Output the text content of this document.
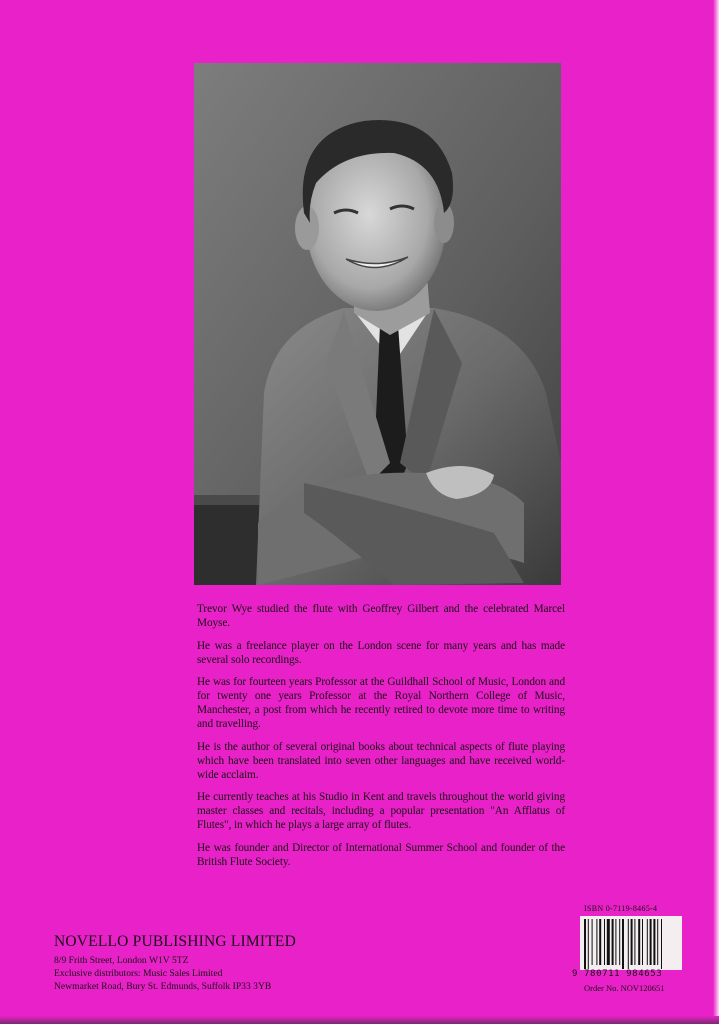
Trevor Wye studied the flute with Geoffrey Gilbert and the celebrated Marcel Moyse.

He was a freelance player on the London scene for many years and has made several solo recordings.

He was for fourteen years Professor at the Guildhall School of Music, London and for twenty one years Professor at the Royal Northern College of Music, Manchester, a post from which he recently retired to devote more time to writing and travelling.

He is the author of several original books about technical aspects of flute playing which have been translated into seven other languages and have received world-wide acclaim.

He currently teaches at his Studio in Kent and travels throughout the world giving master classes and recitals, including a popular presentation "An Afflatus of Flutes", in which he plays a large array of flutes.

He was founder and Director of International Summer School and founder of the British Flute Society.

NOVELLO PUBLISHING LIMITED

8/9 Frith Street, London W1V 5TZ

Exclusive distributors: Music Sales Limited

Newmarket Road, Bury St. Edmunds, Suffolk IP33 3YB

ISBN 0-7119-8465-4
9 780711 984653
Order No. NOV120651
